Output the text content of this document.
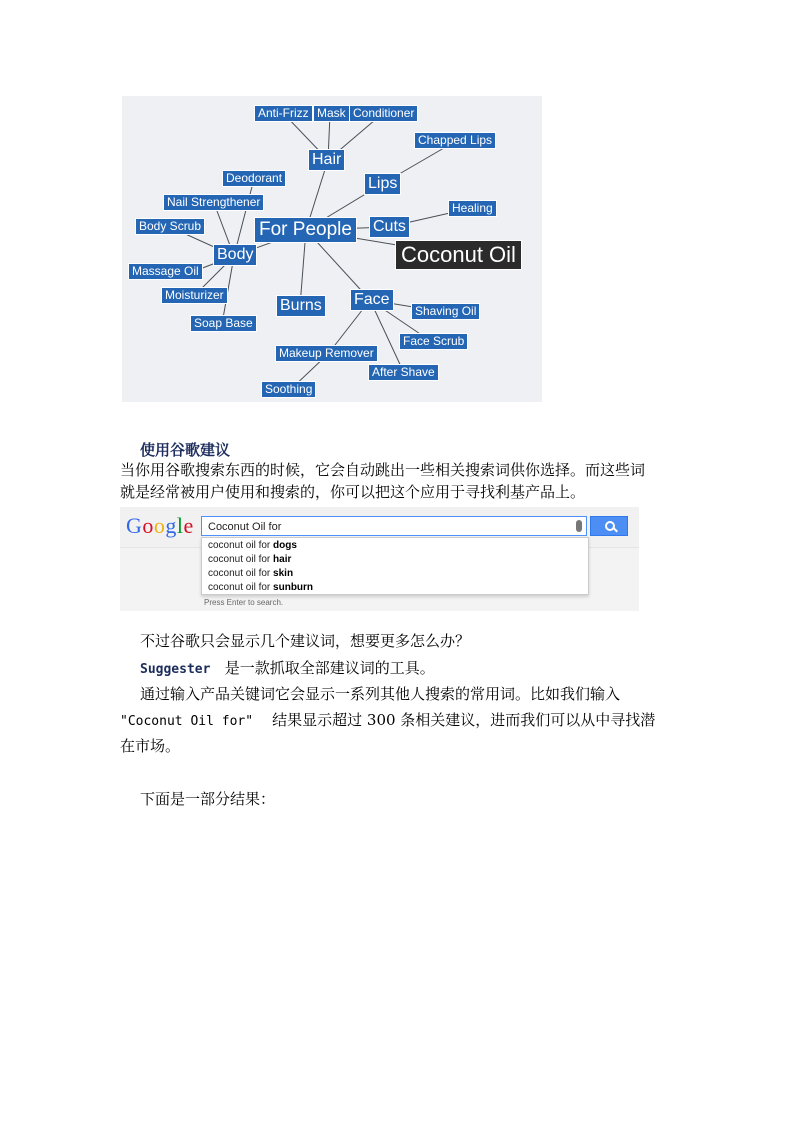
Anti-Frizz Mask Conditioner
Chapped Lips
Hair
Lips
Deodorant
Healing
Nail Strengthener
Cuts
For People
Body Scrub
Coconut Oil
Body
Massage Oil
Moisturizer
Burns Face
Shaving Oil
Soap Base
Face Scrub
Makeup Remover
After Shave
Soothing
使用谷歌建议
当你用谷歌搜索东西的时候，它会自动跳出一些相关搜索词供你选择。而这些词
就是经常被用户使用和搜索的，你可以把这个应用于寻找利基产品上。
Google	Coconut Oil for
coconut oil for dogs
coconut oil for hair
coconut oil for skin
coconut oil for sunburn
Press Enter to search.
不过谷歌只会显示几个建议词，想要更多怎么办？
Suggester 是一款抓取全部建议词的工具。
通过输入产品关键词它会显示一系列其他人搜索的常用词。比如我们输入
"Coconut Oil for" 结果显示超过 300 条相关建议，进而我们可以从中寻找潜
在市场。
下面是一部分结果：
